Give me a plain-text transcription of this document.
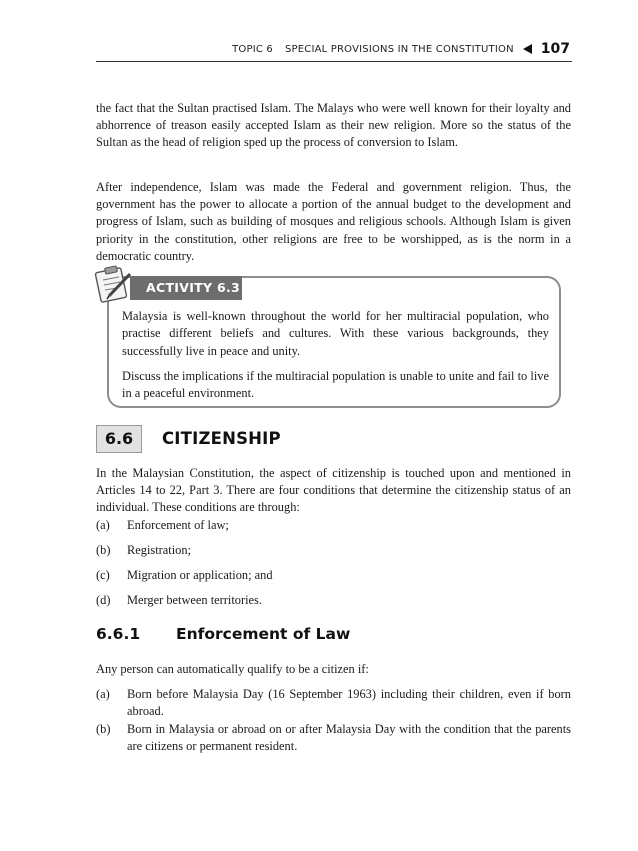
TOPIC 6 SPECIAL PROVISIONS IN THE CONSTITUTION 107

the fact that the Sultan practised Islam. The Malays who were well known for their loyalty and abhorrence of treason easily accepted Islam as their new religion. More so the status of the Sultan as the head of religion sped up the process of conversion to Islam.

After independence, Islam was made the Federal and government religion. Thus, the government has the power to allocate a portion of the annual budget to the development and progress of Islam, such as building of mosques and religious schools. Although Islam is given priority in the constitution, other religions are free to be worshipped, as is the norm in a democratic country.

ACTIVITY 6.3

Malaysia is well-known throughout the world for her multiracial population, who practise different beliefs and cultures. With these various backgrounds, they successfully live in peace and unity.

Discuss the implications if the multiracial population is unable to unite and fail to live in a peaceful environment.

6.6	CITIZENSHIP

In the Malaysian Constitution, the aspect of citizenship is touched upon and mentioned in Articles 14 to 22, Part 3. There are four conditions that determine the citizenship status of an individual. These conditions are through:

(a) Enforcement of law;
(b) Registration;
(c) Migration or application; and
(d) Merger between territories.
6.6.1 Enforcement of Law

Any person can automatically qualify to be a citizen if:

(a) Born before Malaysia Day (16 September 1963) including their children, even if born abroad.
(b) Born in Malaysia or abroad on or after Malaysia Day with the condition that the parents are citizens or permanent resident.
